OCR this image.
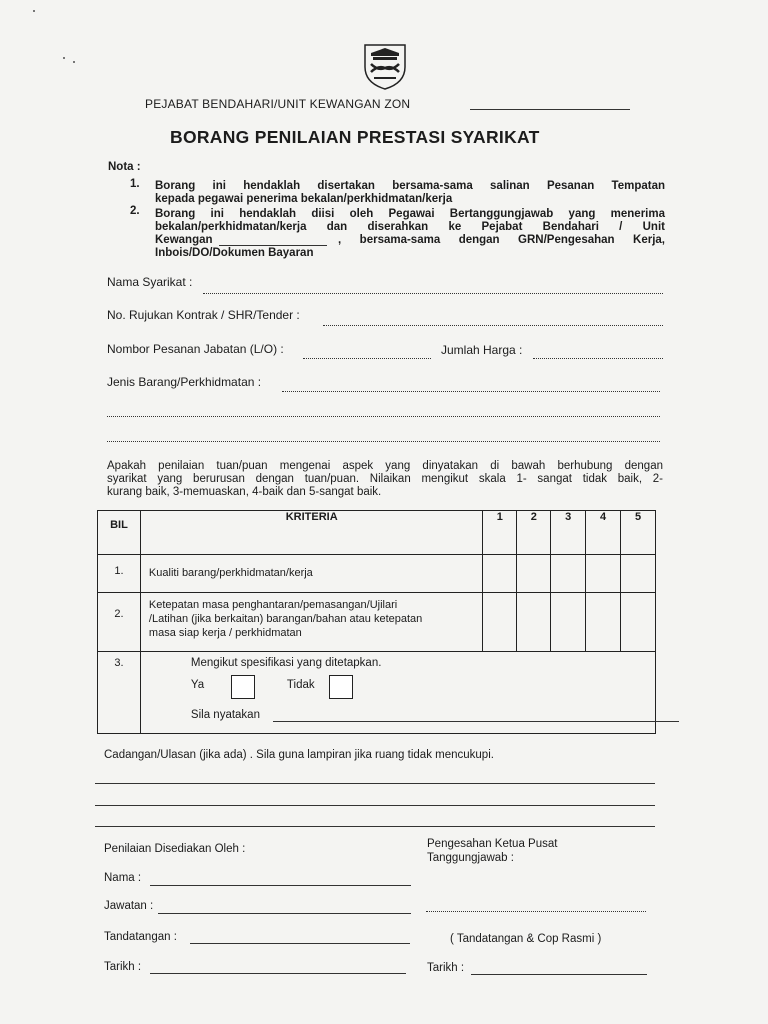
PEJABAT BENDAHARI/UNIT KEWANGAN ZON
BORANG PENILAIAN PRESTASI SYARIKAT
Nota :
1. Borang ini hendaklah disertakan bersama-sama salinan Pesanan Tempatan
kepada pegawai penerima bekalan/perkhidmatan/kerja
2. Borang ini hendaklah diisi oleh Pegawai Bertanggungjawab yang menerima
bekalan/perkhidmatan/kerja dan diserahkan ke Pejabat Bendahari / Unit
Kewangan	, bersama-sama dengan GRN/Pengesahan Kerja,
Inbois/DO/Dokumen Bayaran
Nama Syarikat :
No. Rujukan Kontrak / SHR/Tender :
Nombor Pesanan Jabatan (L/O) :	Jumlah Harga :
Jenis Barang/Perkhidmatan :
Apakah penilaian tuan/puan mengenai aspek yang dinyatakan di bawah berhubung dengan
syarikat yang berurusan dengan tuan/puan. Nilaikan mengikut skala 1- sangat tidak baik, 2-
kurang baik, 3-memuaskan, 4-baik dan 5-sangat baik.
BIL	KRITERIA	1	2	3	4	5
1.	Kualiti barang/perkhidmatan/kerja					
2.	Ketepatan masa penghantaran/pemasangan/Ujilari
/Latihan (jika berkaitan) barangan/bahan atau ketepatan
masa siap kerja / perkhidmatan					

3.	Mengikut spesifikasi yang ditetapkan.
Ya Tidak
Sila nyatakan					
Cadangan/Ulasan (jika ada) . Sila guna lampiran jika ruang tidak mencukupi.
Penilaian Disediakan Oleh :
Nama :
Jawatan :
Tandatangan :
Tarikh :
Pengesahan Ketua Pusat
Tanggungjawab :
( Tandatangan & Cop Rasmi )
Tarikh :
